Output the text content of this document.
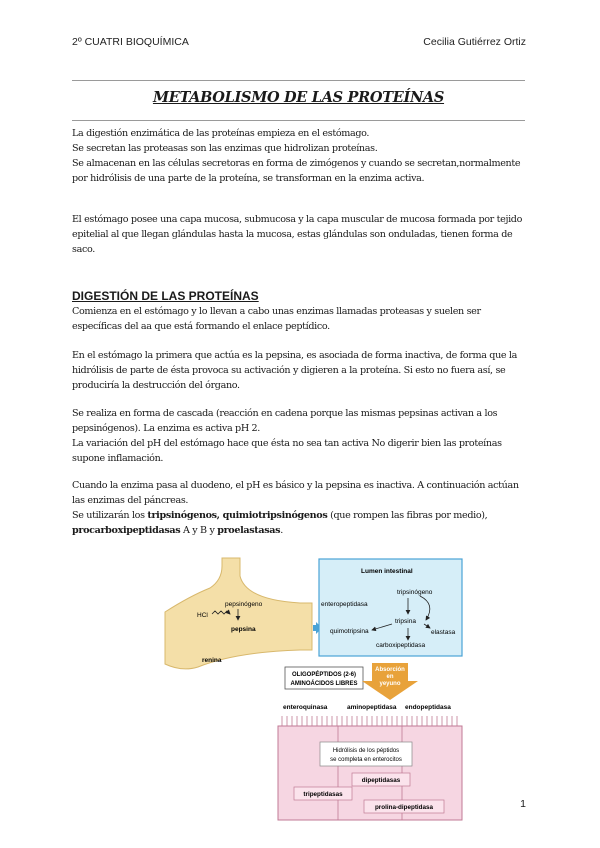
2º CUATRI BIOQUÍMICA	Cecilia Gutiérrez Ortiz
METABOLISMO DE LAS PROTEÍNAS

La digestión enzimática de las proteínas empieza en el estómago.

Se secretan las proteasas son las enzimas que hidrolizan proteínas.

Se almacenan en las células secretoras en forma de zimógenos y cuando se secretan,normalmente por hidrólisis de una parte de la proteína, se transforman en la enzima activa.

El estómago posee una capa mucosa, submucosa y la capa muscular de mucosa formada por tejido epitelial al que llegan glándulas hasta la mucosa, estas glándulas son onduladas, tienen forma de saco.
DIGESTIÓN DE LAS PROTEÍNAS
Comienza en el estómago y lo llevan a cabo unas enzimas llamadas proteasas y suelen ser específicas del aa que está formando el enlace peptídico.
En el estómago la primera que actúa es la pepsina, es asociada de forma inactiva, de forma que la hidrólisis de parte de ésta provoca su activación y digieren a la proteína. Si esto no fuera así, se produciría la destrucción del órgano.

Se realiza en forma de cascada (reacción en cadena porque las mismas pepsinas activan a los pepsinógenos). La enzima es activa pH 2.

La variación del pH del estómago hace que ésta no sea tan activa No digerir bien las proteínas supone inflamación.

Cuando la enzima pasa al duodeno, el pH es básico y la pepsina es inactiva. A continuación actúan las enzimas del páncreas.

Se utilizarán los tripsinógenos, quimiotripsinógenos (que rompen las fibras por medio), procarboxipeptidasas A y B y proelastasas.

HCl
pepsinógeno
pepsina
renina
Lumen intestinal
tripsinógeno
enteropeptidasa
tripsina
quimotripsina	elastasa
carboxipeptidasa
OLIGOPÉPTIDOS (2-6)
AMINOÁCIDOS LIBRES
Absorción
en
yeyuno
enteroquinasa	aminopeptidasa endopeptidasa
Hidrólisis de los péptidos
se completa en enterocitos
dipeptidasas
tripeptidasas
prolina-dipeptidasa	1
